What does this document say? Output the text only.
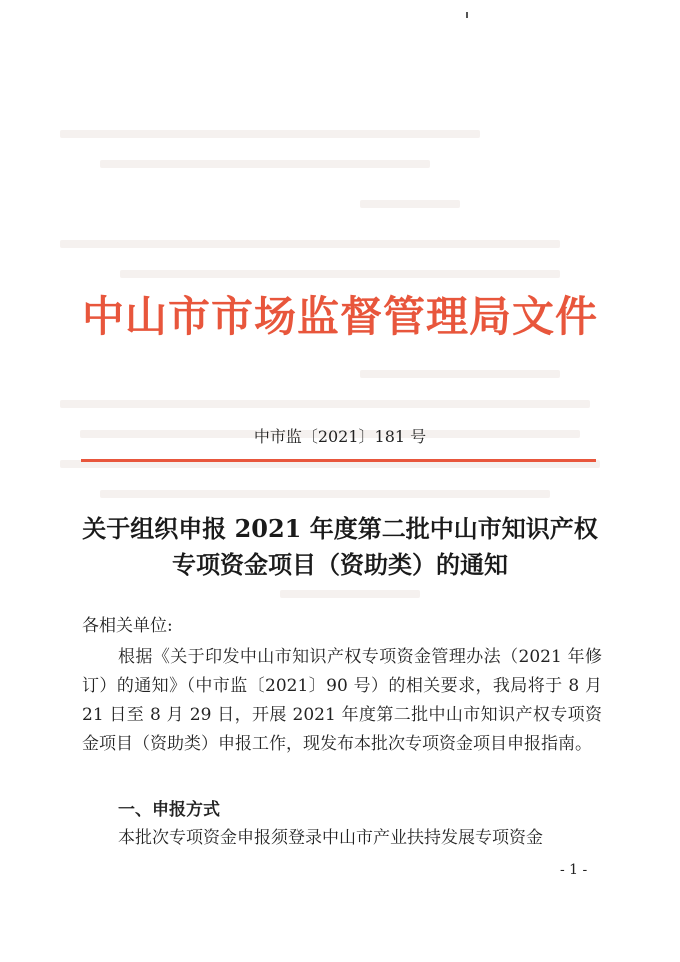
中山市市场监督管理局文件
中市监〔2021〕181 号
关于组织申报 2021 年度第二批中山市知识产权
专项资金项目（资助类）的通知
各相关单位:
根据《关于印发中山市知识产权专项资金管理办法（2021 年修订）的通知》（中市监〔2021〕90 号）的相关要求，我局将于 8 月 21 日至 8 月 29 日，开展 2021 年度第二批中山市知识产权专项资金项目（资助类）申报工作，现发布本批次专项资金项目申报指南。
一、申报方式
本批次专项资金申报须登录中山市产业扶持发展专项资金
- 1 -
